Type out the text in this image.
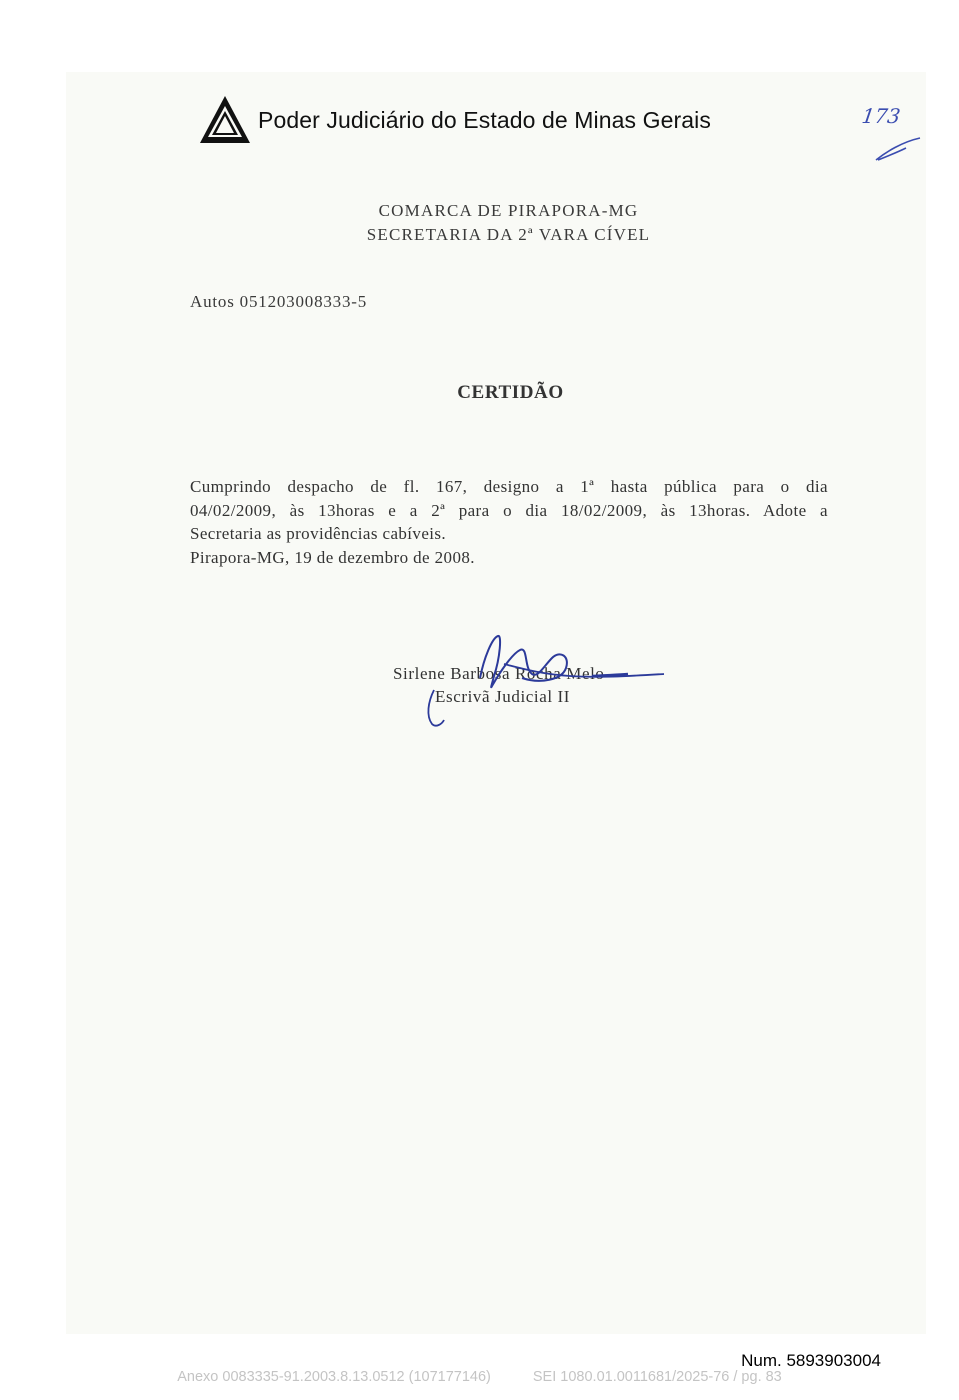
Poder Judiciário do Estado de Minas Gerais	173
COMARCA DE PIRAPORA-MG
SECRETARIA DA 2ª VARA CÍVEL
Autos 051203008333-5
CERTIDÃO
Cumprindo despacho de fl. 167, designo a 1ª hasta pública para o dia
04/02/2009, às 13horas e a 2ª para o dia 18/02/2009, às 13horas. Adote a
Secretaria as providências cabíveis.
Pirapora-MG, 19 de dezembro de 2008.
Sirlene Barbosa Rocha Melo
Escrivã Judicial II
Num. 5893903004
Anexo 0083335-91.2003.8.13.0512 (107177146)	SEI 1080.01.0011681/2025-76 / pg. 83
